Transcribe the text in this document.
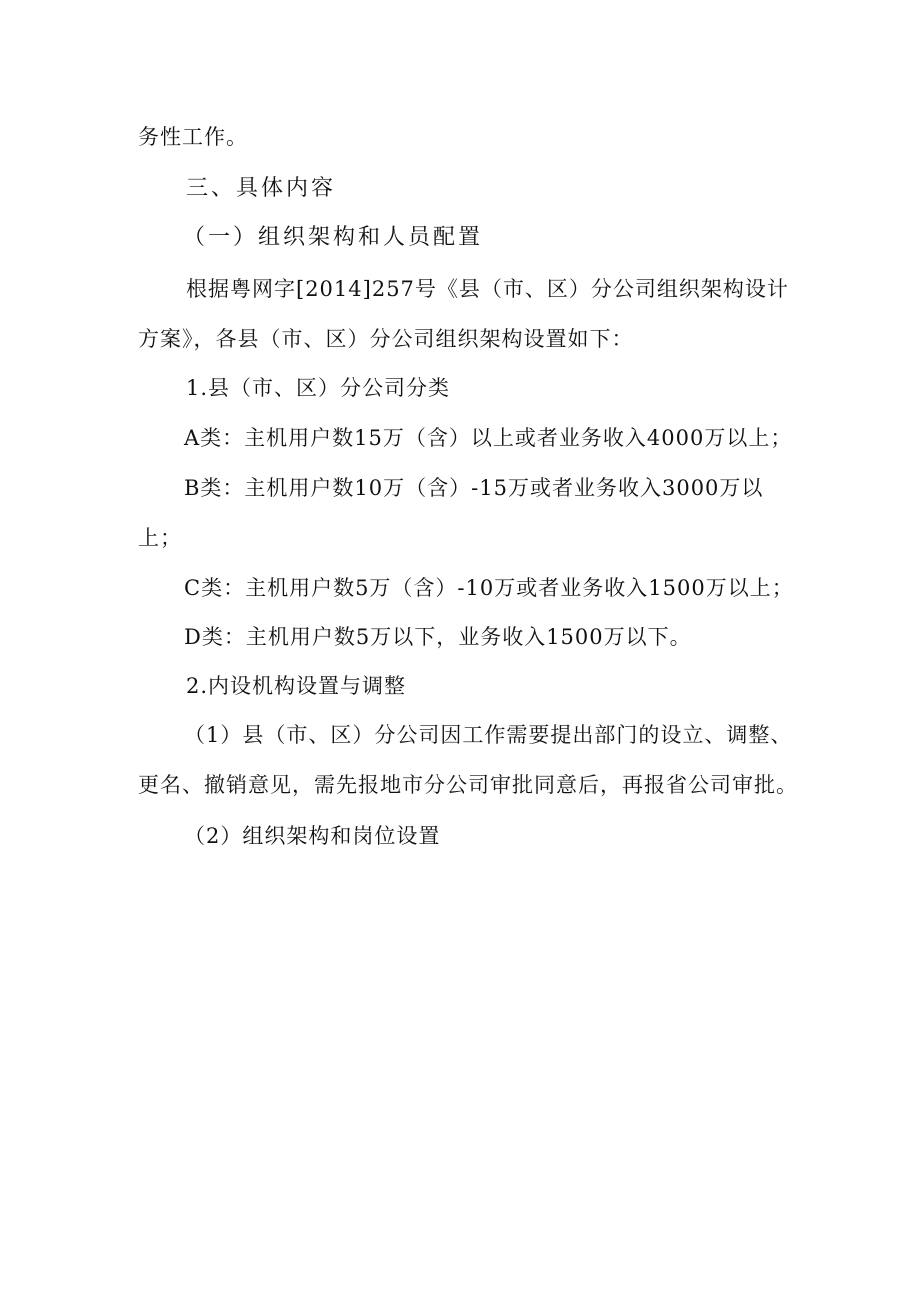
务性工作。
三、具体内容
（一）组织架构和人员配置
根据粤网字[2014]257号《县（市、区）分公司组织架构设计
方案》，各县（市、区）分公司组织架构设置如下：
1.县（市、区）分公司分类
A类：主机用户数15万（含）以上或者业务收入4000万以上；
B类：主机用户数10万（含）-15万或者业务收入3000万以
上；
C类：主机用户数5万（含）-10万或者业务收入1500万以上；
D类：主机用户数5万以下，业务收入1500万以下。
2.内设机构设置与调整
（1）县（市、区）分公司因工作需要提出部门的设立、调整、
更名、撤销意见，需先报地市分公司审批同意后，再报省公司审批。
（2）组织架构和岗位设置
